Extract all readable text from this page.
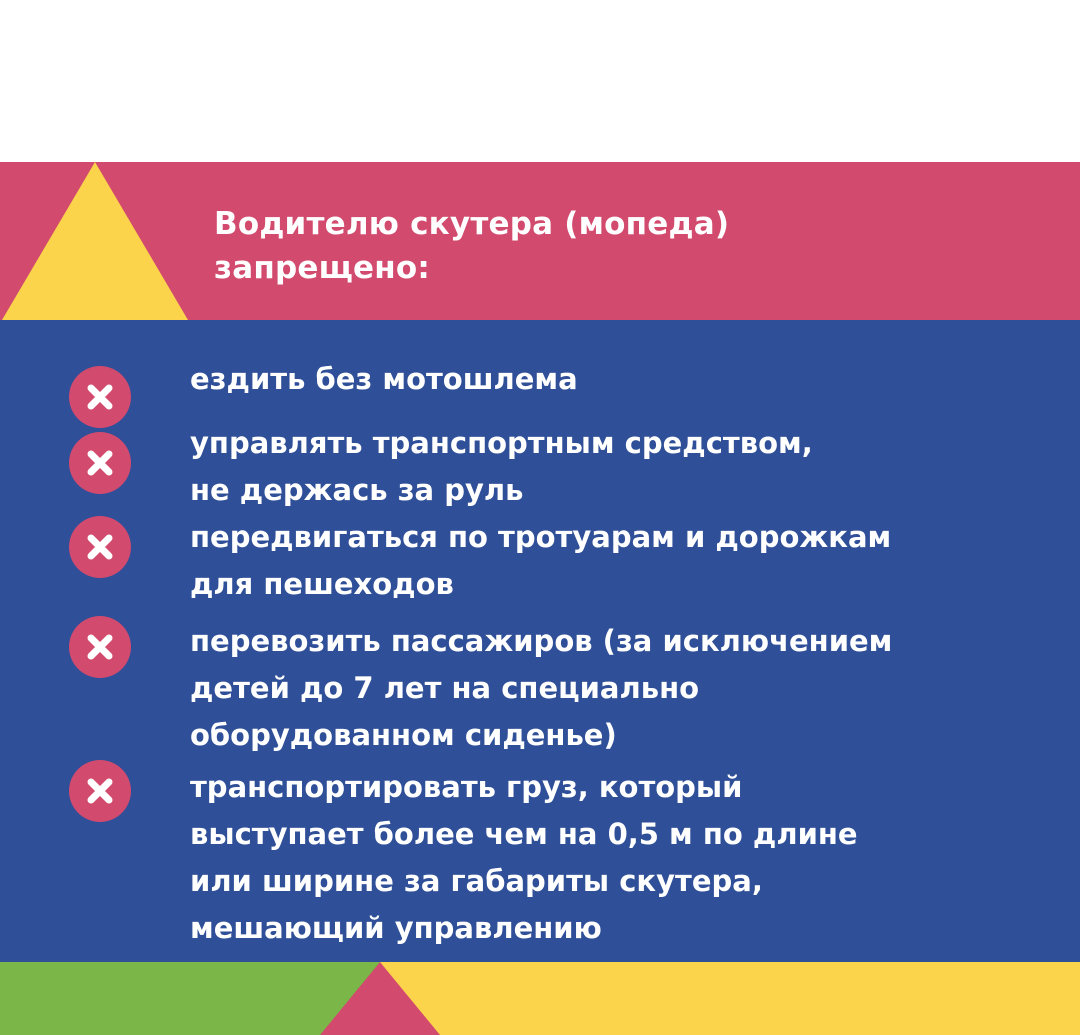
Водителю скутера (мопеда)
запрещено:
ездить без мотошлема
управлять транспортным средством,
не держась за руль
передвигаться по тротуарам и дорожкам
для пешеходов
перевозить пассажиров (за исключением
детей до 7 лет на специально
оборудованном сиденье)
транспортировать груз, который
выступает более чем на 0,5 м по длине
или ширине за габариты скутера,
мешающий управлению
